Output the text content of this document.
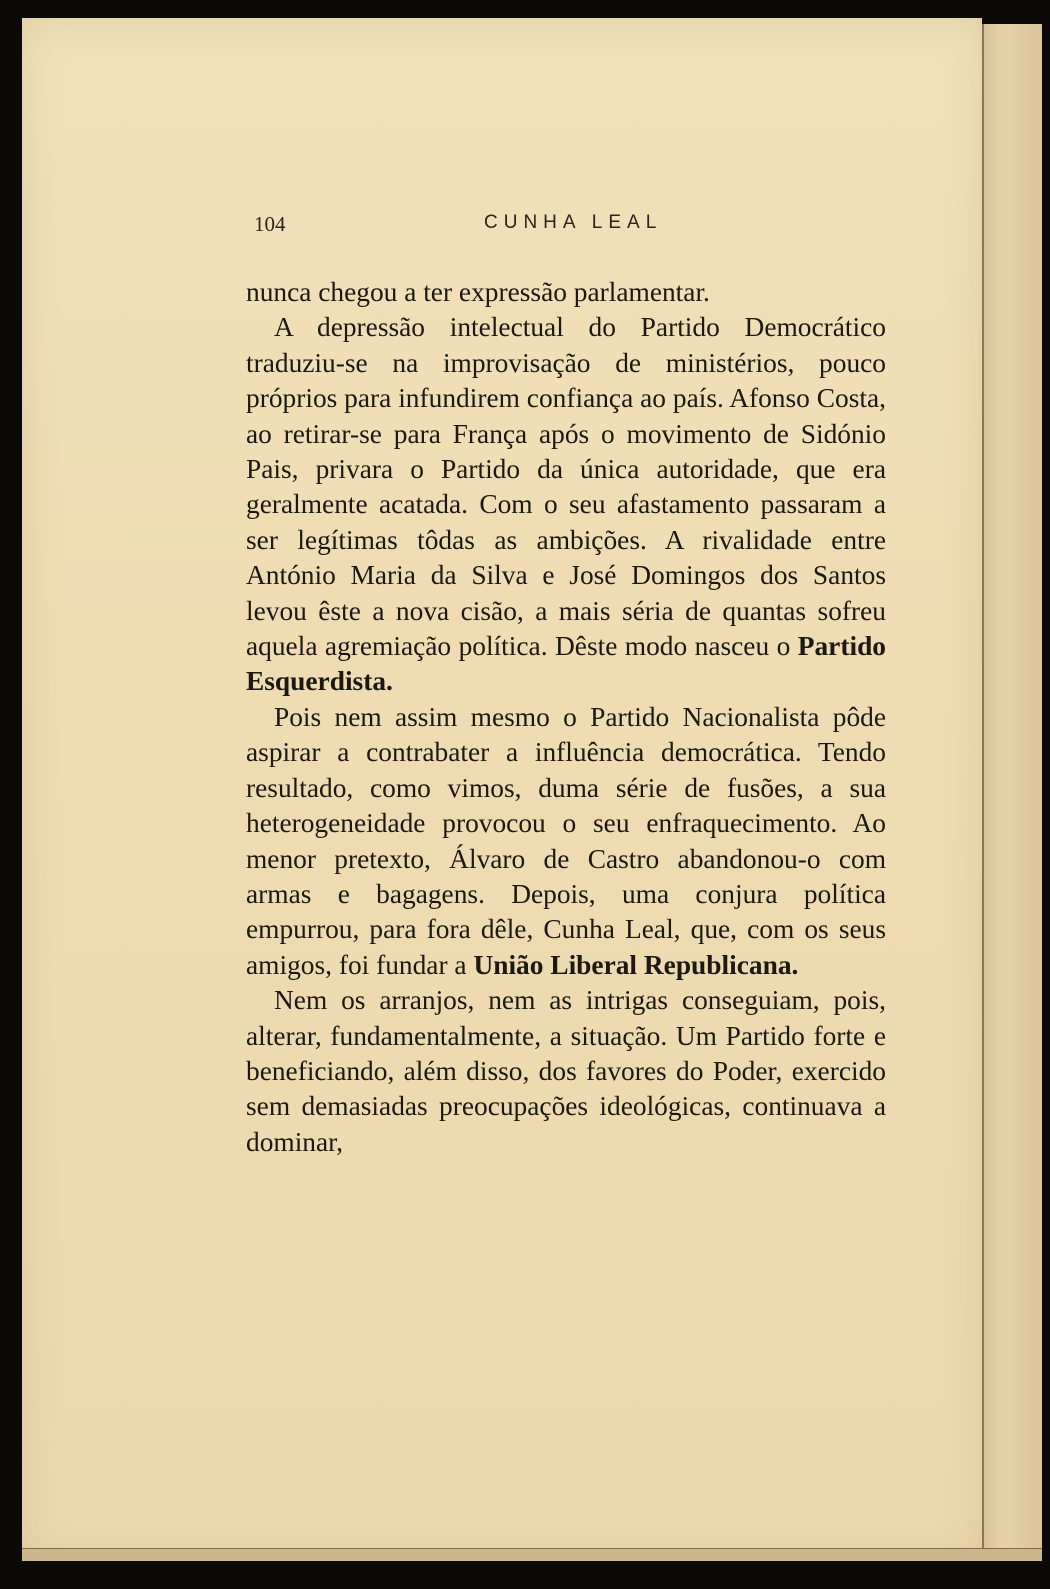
104	CUNHA LEAL

nunca chegou a ter expressão parlamentar.

A depressão intelectual do Partido Democrático traduziu-se na improvisação de ministérios, pouco próprios para infundirem confiança ao país. Afonso Costa, ao retirar-se para França após o movimento de Sidónio Pais, privara o Partido da única autoridade, que era geralmente acatada. Com o seu afastamento passaram a ser legítimas tôdas as ambições. A rivalidade entre António Maria da Silva e José Domingos dos Santos levou êste a nova cisão, a mais séria de quantas sofreu aquela agremiação política. Dêste modo nasceu o Partido Esquerdista.

Pois nem assim mesmo o Partido Nacionalista pôde aspirar a contrabater a influência democrática. Tendo resultado, como vimos, duma série de fusões, a sua heterogeneidade provocou o seu enfraquecimento. Ao menor pretexto, Álvaro de Castro abandonou-o com armas e bagagens. Depois, uma conjura política empurrou, para fora dêle, Cunha Leal, que, com os seus amigos, foi fundar a União Liberal Republicana.

Nem os arranjos, nem as intrigas conseguiam, pois, alterar, fundamentalmente, a situação. Um Partido forte e beneficiando, além disso, dos favores do Poder, exercido sem demasiadas preocupações ideológicas, continuava a dominar,
